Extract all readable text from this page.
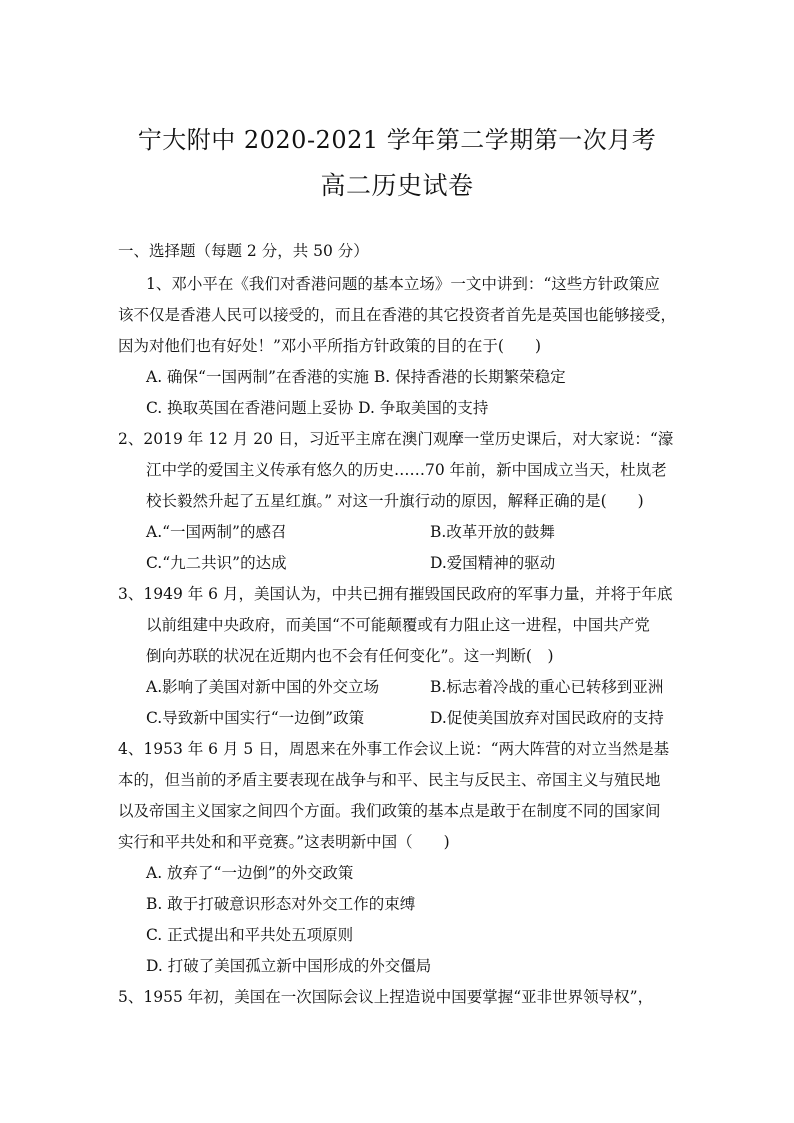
宁大附中 2020-2021 学年第二学期第一次月考
高二历史试卷
一、选择题（每题 2 分，共 50 分）
1、邓小平在《我们对香港问题的基本立场》一文中讲到：“这些方针政策应
该不仅是香港人民可以接受的，而且在香港的其它投资者首先是英国也能够接受，
因为对他们也有好处！”邓小平所指方针政策的目的在于(　　)
A. 确保“一国两制”在香港的实施 B. 保持香港的长期繁荣稳定
C. 换取英国在香港问题上妥协 D. 争取美国的支持
2、2019 年 12 月 20 日，习近平主席在澳门观摩一堂历史课后，对大家说：“濠
江中学的爱国主义传承有悠久的历史……70 年前，新中国成立当天，杜岚老
校长毅然升起了五星红旗。” 对这一升旗行动的原因，解释正确的是(　　)
A.“一国两制”的感召	B.改革开放的鼓舞
C.“九二共识”的达成	D.爱国精神的驱动
3、1949 年 6 月，美国认为，中共已拥有摧毁国民政府的军事力量，并将于年底
以前组建中央政府，而美国“不可能颠覆或有力阻止这一进程，中国共产党
倒向苏联的状况在近期内也不会有任何变化”。这一判断(　)
A.影响了美国对新中国的外交立场	B.标志着冷战的重心已转移到亚洲
C.导致新中国实行“一边倒”政策	D.促使美国放弃对国民政府的支持
4、1953 年 6 月 5 日，周恩来在外事工作会议上说：“两大阵营的对立当然是基
本的，但当前的矛盾主要表现在战争与和平、民主与反民主、帝国主义与殖民地
以及帝国主义国家之间四个方面。我们政策的基本点是敢于在制度不同的国家间
实行和平共处和和平竞赛。”这表明新中国（　　)
A. 放弃了“一边倒”的外交政策
B. 敢于打破意识形态对外交工作的束缚
C. 正式提出和平共处五项原则
D. 打破了美国孤立新中国形成的外交僵局
5、1955 年初，美国在一次国际会议上捏造说中国要掌握“亚非世界领导权”，
